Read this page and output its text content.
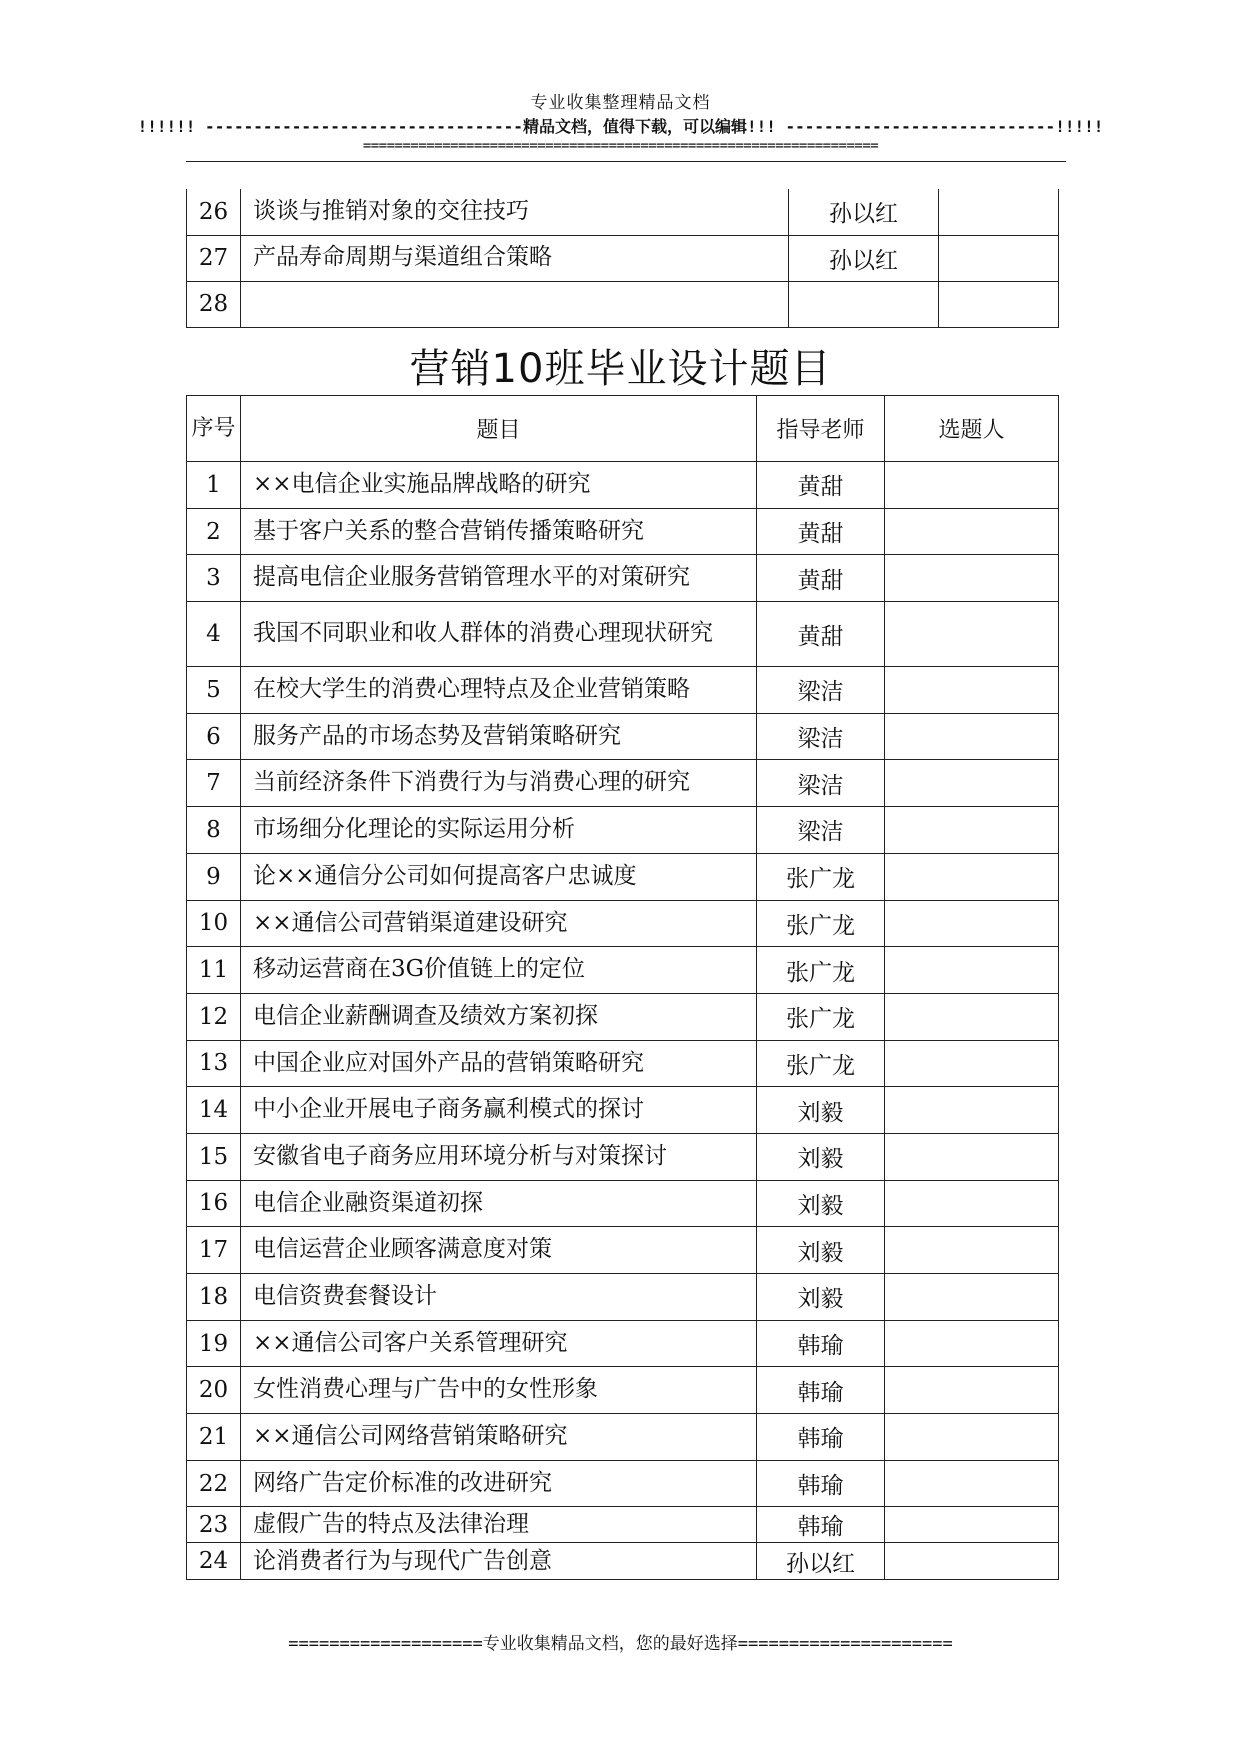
专业收集整理精品文档
!!!!!! ---------------------------------精品文档，值得下载，可以编辑!!! ----------------------------!!!!!
=================================================================
26	谈谈与推销对象的交往技巧	孙以红	
27	产品寿命周期与渠道组合策略	孙以红	
28			
营销10班毕业设计题目
序号	题目	指导老师	选题人
1	××电信企业实施品牌战略的研究	黄甜	
2	基于客户关系的整合营销传播策略研究	黄甜	
3	提高电信企业服务营销管理水平的对策研究	黄甜	
4	我国不同职业和收人群体的消费心理现状研究	黄甜	
5	在校大学生的消费心理特点及企业营销策略	梁洁	
6	服务产品的市场态势及营销策略研究	梁洁	
7	当前经济条件下消费行为与消费心理的研究	梁洁	
8	市场细分化理论的实际运用分析	梁洁	
9	论××通信分公司如何提高客户忠诚度	张广龙	
10	××通信公司营销渠道建设研究	张广龙	
11	移动运营商在3G价值链上的定位	张广龙	
12	电信企业薪酬调查及绩效方案初探	张广龙	
13	中国企业应对国外产品的营销策略研究	张广龙	
14	中小企业开展电子商务赢利模式的探讨	刘毅	
15	安徽省电子商务应用环境分析与对策探讨	刘毅	
16	电信企业融资渠道初探	刘毅	
17	电信运营企业顾客满意度对策	刘毅	
18	电信资费套餐设计	刘毅	
19	××通信公司客户关系管理研究	韩瑜	
20	女性消费心理与广告中的女性形象	韩瑜	
21	××通信公司网络营销策略研究	韩瑜	
22	网络广告定价标准的改进研究	韩瑜	
23	虚假广告的特点及法律治理	韩瑜	
24	论消费者行为与现代广告创意	孙以红	
===================专业收集精品文档，您的最好选择=====================
